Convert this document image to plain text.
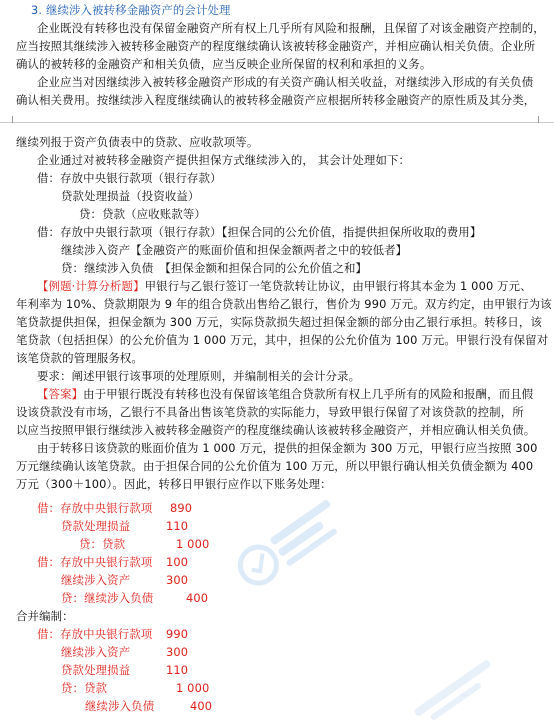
3. 继续涉入被转移金融资产的会计处理
企业既没有转移也没有保留金融资产所有权上几乎所有风险和报酬，且保留了对该金融资产控制的，
应当按照其继续涉入被转移金融资产的程度继续确认该被转移金融资产，并相应确认相关负债。企业所
确认的被转移的金融资产和相关负债，应当反映企业所保留的权利和承担的义务。
企业应当对因继续涉入被转移金融资产形成的有关资产确认相关收益，对继续涉入形成的有关负债
确认相关费用。按继续涉入程度继续确认的被转移金融资产应根据所转移金融资产的原性质及其分类，
继续列报于资产负债表中的贷款、应收款项等。
企业通过对被转移金融资产提供担保方式继续涉入的， 其会计处理如下：
借：存放中央银行款项（银行存款）
贷款处理损益（投资收益）
贷：贷款（应收账款等）
借：存放中央银行款项（银行存款）【担保合同的公允价值，指提供担保所收取的费用】
继续涉入资产【金融资产的账面价值和担保金额两者之中的较低者】
贷：继续涉入负债 【担保金额和担保合同的公允价值之和】
【例题·计算分析题】甲银行与乙银行签订一笔贷款转让协议，由甲银行将其本金为 1 000 万元、
年利率为 10%、贷款期限为 9 年的组合贷款出售给乙银行，售价为 990 万元。双方约定，由甲银行为该
笔贷款提供担保，担保金额为 300 万元，实际贷款损失超过担保金额的部分由乙银行承担。转移日，该
笔贷款（包括担保）的公允价值为 1 000 万元，其中，担保的公允价值为 100 万元。甲银行没有保留对
该笔贷款的管理服务权。
要求：阐述甲银行该事项的处理原则，并编制相关的会计分录。
【答案】由于甲银行既没有转移也没有保留该笔组合贷款所有权上几乎所有的风险和报酬，而且假
设该贷款没有市场，乙银行不具备出售该笔贷款的实际能力，导致甲银行保留了对该贷款的控制，所
以应当按照甲银行继续涉入被转移金融资产的程度继续确认该被转移金融资产，并相应确认相关负债。
由于转移日该贷款的账面价值为 1 000 万元，提供的担保金额为 300 万元，甲银行应当按照 300
万元继续确认该笔贷款。由于担保合同的公允价值为 100 万元，所以甲银行确认相关负债金额为 400
万元（300＋100）。因此，转移日甲银行应作以下账务处理：
借：存放中央银行款项 890
贷款处理损益	110
贷：贷款	1 000
借：存放中央银行款项 100
继续涉入资产	300
贷：继续涉入负债	400
合并编制：
借：存放中央银行款项 990
继续涉入资产	300
贷款处理损益	110
贷：贷款	1 000
继续涉入负债	400
